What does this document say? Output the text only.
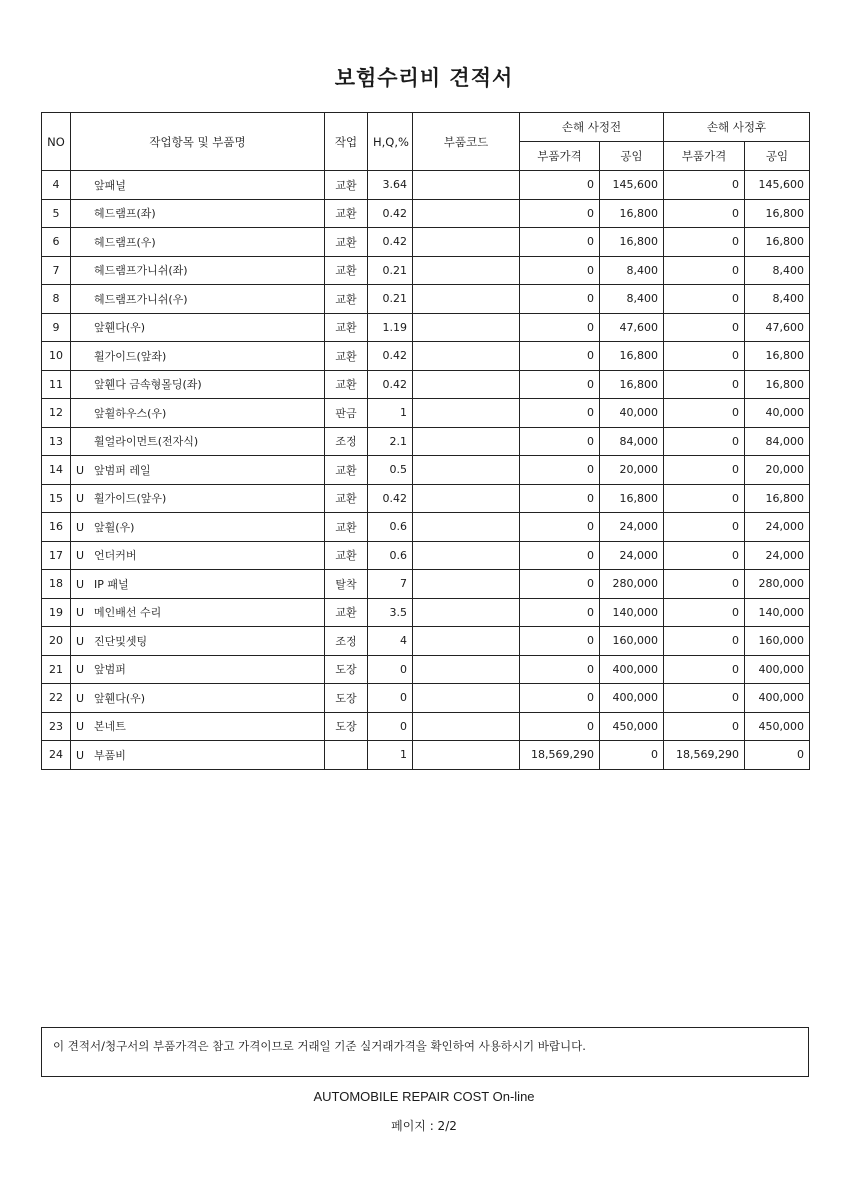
보험수리비 견적서
NO	작업항목 및 부품명	작업	H,Q,%	부품코드	손해 사정전		손해 사정후	
					부품가격	공임	부품가격	공임
4	앞패널	교환	3.64		0	145,600	0	145,600
5	헤드램프(좌)	교환	0.42		0	16,800	0	16,800
6	헤드램프(우)	교환	0.42		0	16,800	0	16,800
7	헤드램프가니쉬(좌)	교환	0.21		0	8,400	0	8,400
8	헤드램프가니쉬(우)	교환	0.21		0	8,400	0	8,400
9	앞휀다(우)	교환	1.19		0	47,600	0	47,600
10	휠가이드(앞좌)	교환	0.42		0	16,800	0	16,800
11	앞휀다 금속형몰딩(좌)	교환	0.42		0	16,800	0	16,800
12	앞휠하우스(우)	판금	1		0	40,000	0	40,000
13	휠얼라이먼트(전자식)	조정	2.1		0	84,000	0	84,000
14	U 앞범퍼 레일	교환	0.5		0	20,000	0	20,000
15	U 휠가이드(앞우)	교환	0.42		0	16,800	0	16,800
16	U 앞휠(우)	교환	0.6		0	24,000	0	24,000
17	U 언더커버	교환	0.6		0	24,000	0	24,000
18	U IP 패널	탈착	7		0	280,000	0	280,000
19	U 메인배선 수리	교환	3.5		0	140,000	0	140,000
20	U 진단및셋팅	조정	4		0	160,000	0	160,000
21	U 앞범퍼	도장	0		0	400,000	0	400,000
22	U 앞휀다(우)	도장	0		0	400,000	0	400,000
23	U 본네트	도장	0		0	450,000	0	450,000
24	U 부품비		1		18,569,290	0	18,569,290	0
이 견적서/청구서의 부품가격은 참고 가격이므로 거래일 기준 실거래가격을 확인하여 사용하시기 바랍니다.
AUTOMOBILE REPAIR COST On-line
페이지 : 2/2
